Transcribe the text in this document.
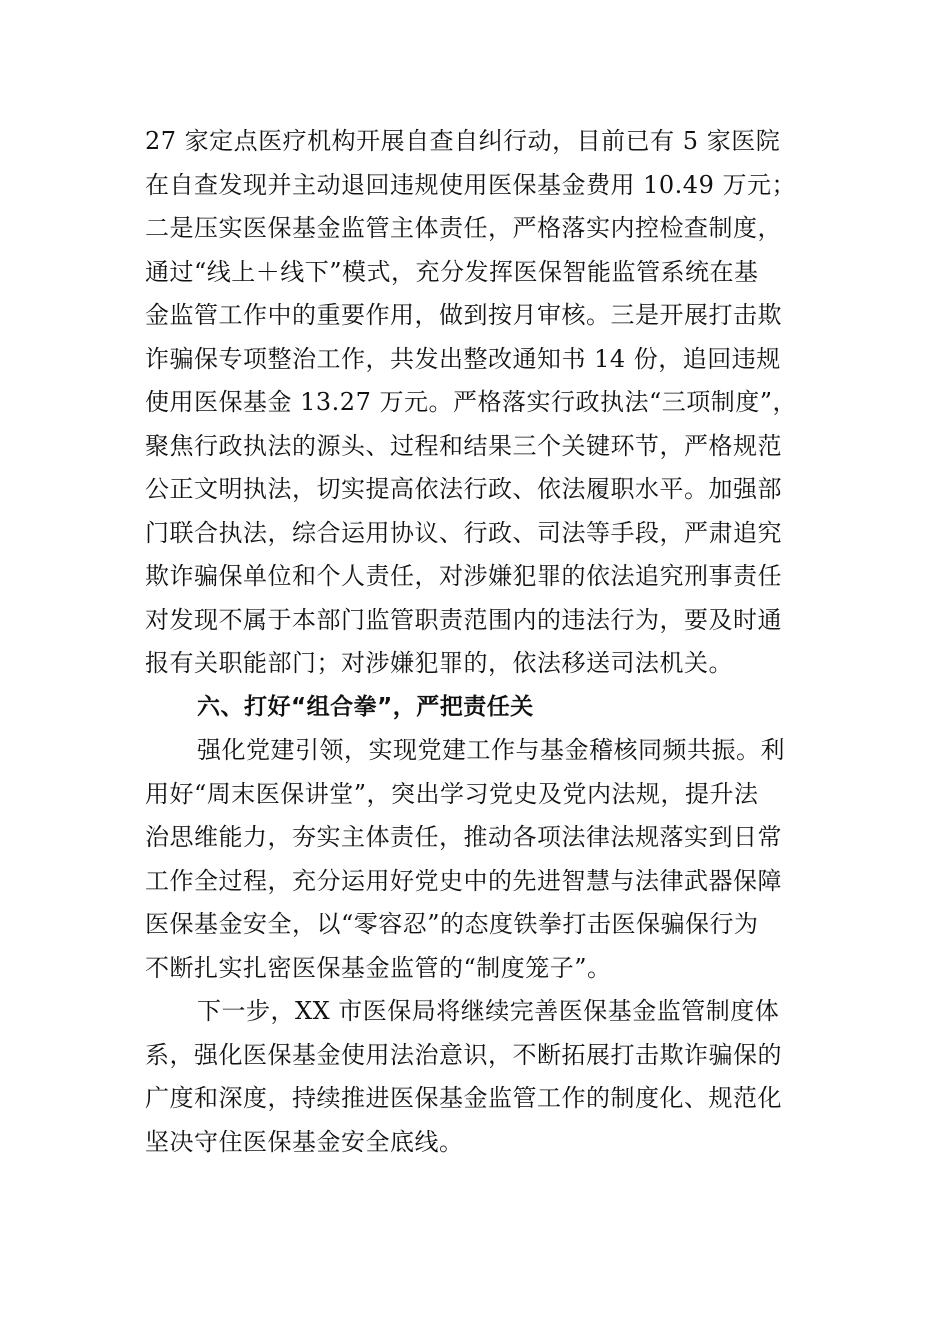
27 家定点医疗机构开展自查自纠行动，目前已有 5 家医院
在自查发现并主动退回违规使用医保基金费用 10.49 万元；
二是压实医保基金监管主体责任，严格落实内控检查制度，
通过“线上＋线下”模式，充分发挥医保智能监管系统在基
金监管工作中的重要作用，做到按月审核。三是开展打击欺
诈骗保专项整治工作，共发出整改通知书 14 份，追回违规
使用医保基金 13.27 万元。严格落实行政执法“三项制度”，
聚焦行政执法的源头、过程和结果三个关键环节，严格规范
公正文明执法，切实提高依法行政、依法履职水平。加强部
门联合执法，综合运用协议、行政、司法等手段，严肃追究
欺诈骗保单位和个人责任，对涉嫌犯罪的依法追究刑事责任
对发现不属于本部门监管职责范围内的违法行为，要及时通
报有关职能部门；对涉嫌犯罪的，依法移送司法机关。
六、打好“组合拳”，严把责任关
强化党建引领，实现党建工作与基金稽核同频共振。利
用好“周末医保讲堂”，突出学习党史及党内法规，提升法
治思维能力，夯实主体责任，推动各项法律法规落实到日常
工作全过程，充分运用好党史中的先进智慧与法律武器保障
医保基金安全，以“零容忍”的态度铁拳打击医保骗保行为
不断扎实扎密医保基金监管的“制度笼子”。
下一步，XX 市医保局将继续完善医保基金监管制度体
系，强化医保基金使用法治意识，不断拓展打击欺诈骗保的
广度和深度，持续推进医保基金监管工作的制度化、规范化
坚决守住医保基金安全底线。
